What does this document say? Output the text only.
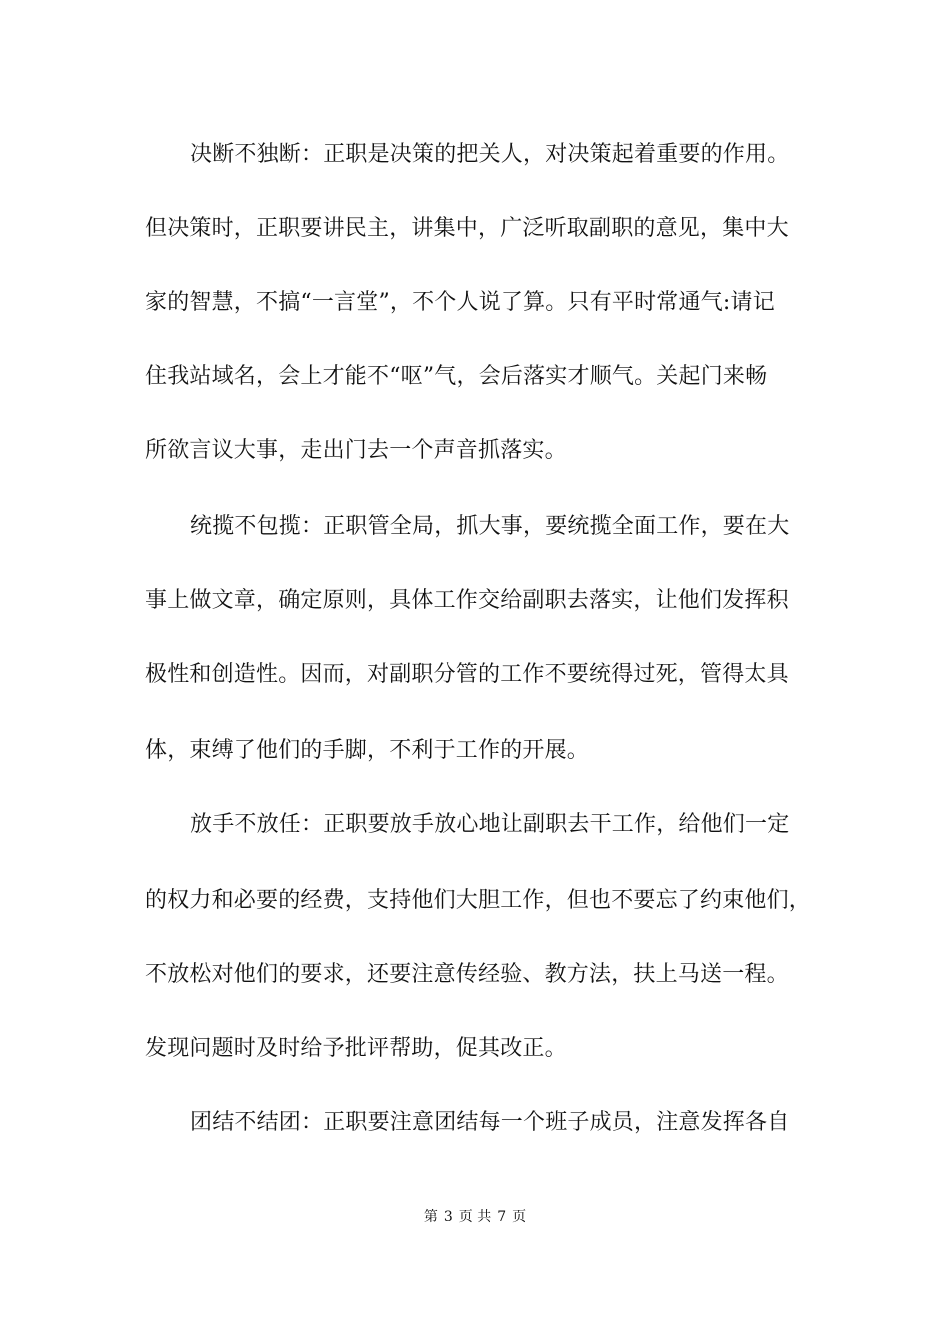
决断不独断：正职是决策的把关人，对决策起着重要的作用。
但决策时，正职要讲民主，讲集中，广泛听取副职的意见，集中大
家的智慧，不搞“一言堂”，不个人说了算。只有平时常通气:请记
住我站域名，会上才能不“呕”气，会后落实才顺气。关起门来畅
所欲言议大事，走出门去一个声音抓落实。
统揽不包揽：正职管全局，抓大事，要统揽全面工作，要在大
事上做文章，确定原则，具体工作交给副职去落实，让他们发挥积
极性和创造性。因而，对副职分管的工作不要统得过死，管得太具
体，束缚了他们的手脚，不利于工作的开展。
放手不放任：正职要放手放心地让副职去干工作，给他们一定
的权力和必要的经费，支持他们大胆工作，但也不要忘了约束他们，
不放松对他们的要求，还要注意传经验、教方法，扶上马送一程。
发现问题时及时给予批评帮助，促其改正。
团结不结团：正职要注意团结每一个班子成员，注意发挥各自
第 3 页 共 7 页
